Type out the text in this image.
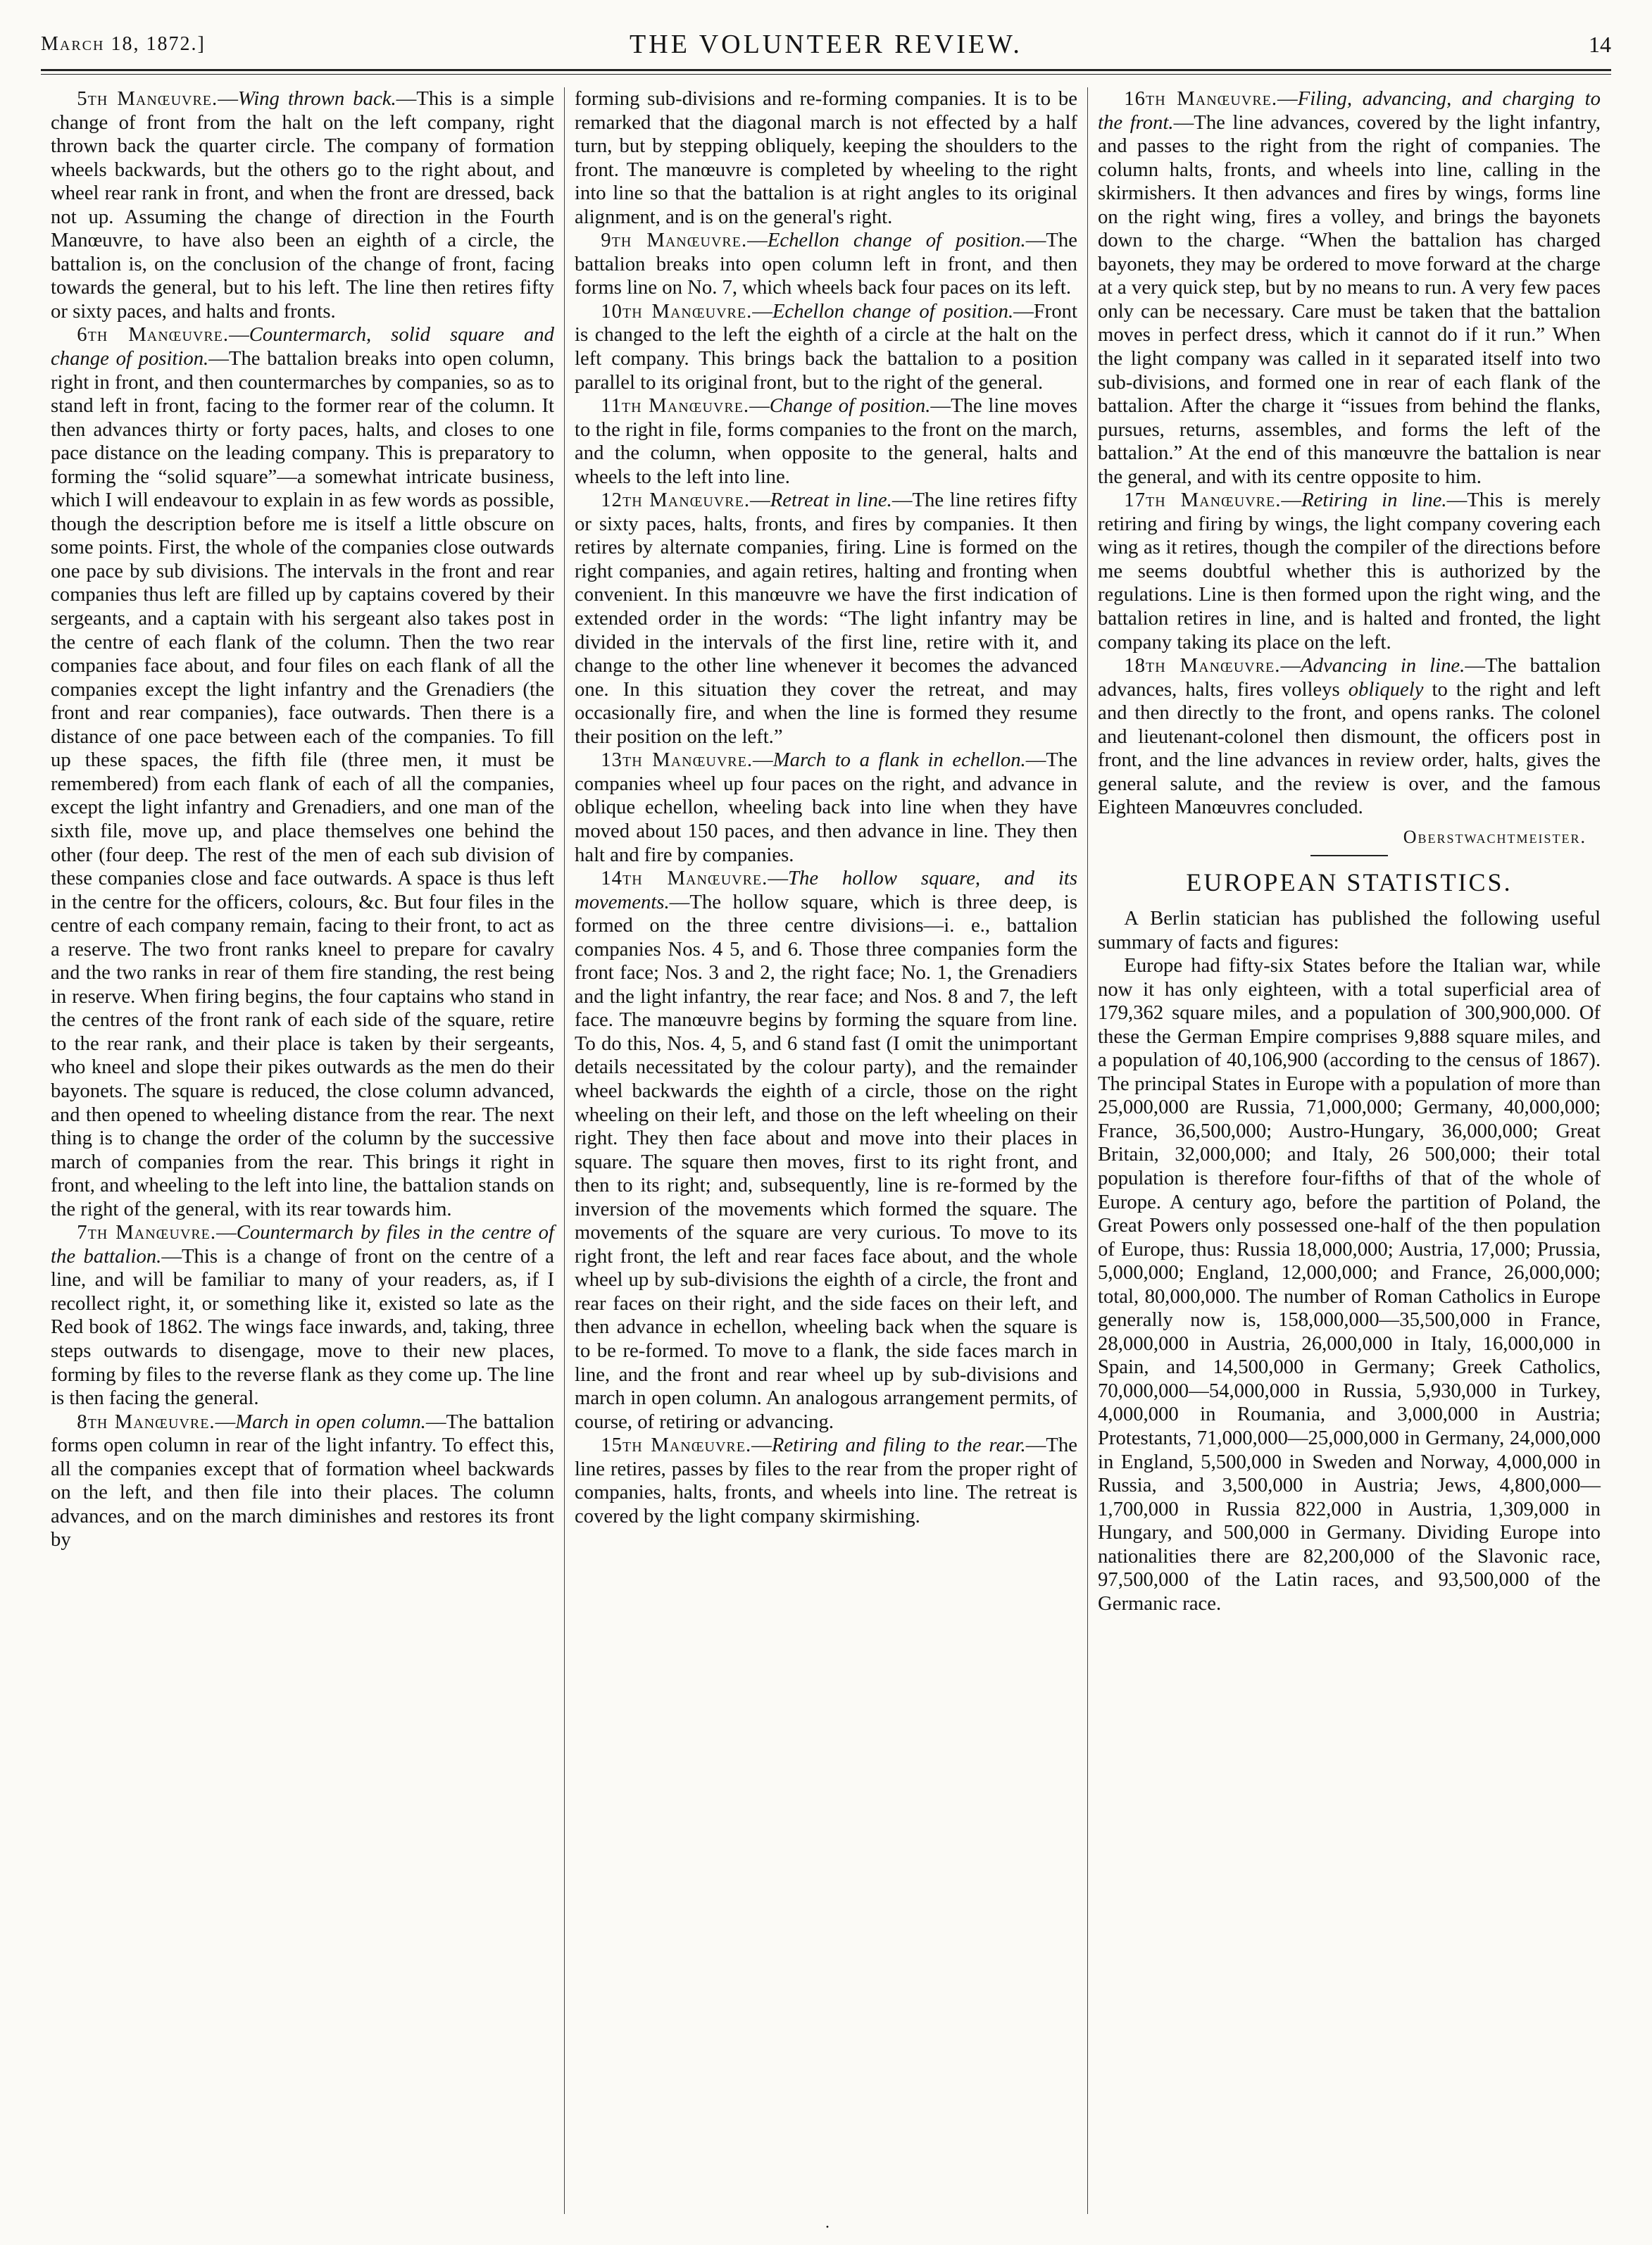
March 18, 1872.]	THE VOLUNTEER REVIEW.	14

5th Manœuvre.—Wing thrown back.—This is a simple change of front from the halt on the left company, right thrown back the quarter circle. The company of formation wheels backwards, but the others go to the right about, and wheel rear rank in front, and when the front are dressed, back not up. Assuming the change of direction in the Fourth Manœuvre, to have also been an eighth of a circle, the battalion is, on the conclusion of the change of front, facing towards the general, but to his left. The line then retires fifty or sixty paces, and halts and fronts.

6th Manœuvre.—Countermarch, solid square and change of position.—The battalion breaks into open column, right in front, and then countermarches by companies, so as to stand left in front, facing to the former rear of the column. It then advances thirty or forty paces, halts, and closes to one pace distance on the leading company. This is preparatory to forming the “solid square”—a somewhat intricate business, which I will endeavour to explain in as few words as possible, though the description before me is itself a little obscure on some points. First, the whole of the companies close outwards one pace by sub divisions. The intervals in the front and rear companies thus left are filled up by captains covered by their sergeants, and a captain with his sergeant also takes post in the centre of each flank of the column. Then the two rear companies face about, and four files on each flank of all the companies except the light infantry and the Grenadiers (the front and rear companies), face outwards. Then there is a distance of one pace between each of the companies. To fill up these spaces, the fifth file (three men, it must be remembered) from each flank of each of all the companies, except the light infantry and Grenadiers, and one man of the sixth file, move up, and place themselves one behind the other (four deep. The rest of the men of each sub division of these companies close and face outwards. A space is thus left in the centre for the officers, colours, &c. But four files in the centre of each company remain, facing to their front, to act as a reserve. The two front ranks kneel to prepare for cavalry and the two ranks in rear of them fire standing, the rest being in reserve. When firing begins, the four captains who stand in the centres of the front rank of each side of the square, retire to the rear rank, and their place is taken by their sergeants, who kneel and slope their pikes outwards as the men do their bayonets. The square is reduced, the close column advanced, and then opened to wheeling distance from the rear. The next thing is to change the order of the column by the successive march of companies from the rear. This brings it right in front, and wheeling to the left into line, the battalion stands on the right of the general, with its rear towards him.

7th Manœuvre.—Countermarch by files in the centre of the battalion.—This is a change of front on the centre of a line, and will be familiar to many of your readers, as, if I recollect right, it, or something like it, existed so late as the Red book of 1862. The wings face inwards, and, taking, three steps outwards to disengage, move to their new places, forming by files to the reverse flank as they come up. The line is then facing the general.

8th Manœuvre.—March in open column.—The battalion forms open column in rear of the light infantry. To effect this, all the companies except that of formation wheel backwards on the left, and then file into their places. The column advances, and on the march diminishes and restores its front by

forming sub-divisions and re-forming companies. It is to be remarked that the diagonal march is not effected by a half turn, but by stepping obliquely, keeping the shoulders to the front. The manœuvre is completed by wheeling to the right into line so that the battalion is at right angles to its original alignment, and is on the general's right.

9th Manœuvre.—Echellon change of position.—The battalion breaks into open column left in front, and then forms line on No. 7, which wheels back four paces on its left.

10th Manœuvre.—Echellon change of position.—Front is changed to the left the eighth of a circle at the halt on the left company. This brings back the battalion to a position parallel to its original front, but to the right of the general.

11th Manœuvre.—Change of position.—The line moves to the right in file, forms companies to the front on the march, and the column, when opposite to the general, halts and wheels to the left into line.

12th Manœuvre.—Retreat in line.—The line retires fifty or sixty paces, halts, fronts, and fires by companies. It then retires by alternate companies, firing. Line is formed on the right companies, and again retires, halting and fronting when convenient. In this manœuvre we have the first indication of extended order in the words: “The light infantry may be divided in the intervals of the first line, retire with it, and change to the other line whenever it becomes the advanced one. In this situation they cover the retreat, and may occasionally fire, and when the line is formed they resume their position on the left.”

13th Manœuvre.—March to a flank in echellon.—The companies wheel up four paces on the right, and advance in oblique echellon, wheeling back into line when they have moved about 150 paces, and then advance in line. They then halt and fire by companies.

14th Manœuvre.—The hollow square, and its movements.—The hollow square, which is three deep, is formed on the three centre divisions—i. e., battalion companies Nos. 4 5, and 6. Those three companies form the front face; Nos. 3 and 2, the right face; No. 1, the Grenadiers and the light infantry, the rear face; and Nos. 8 and 7, the left face. The manœuvre begins by forming the square from line. To do this, Nos. 4, 5, and 6 stand fast (I omit the unimportant details necessitated by the colour party), and the remainder wheel backwards the eighth of a circle, those on the right wheeling on their left, and those on the left wheeling on their right. They then face about and move into their places in square. The square then moves, first to its right front, and then to its right; and, subsequently, line is re-formed by the inversion of the movements which formed the square. The movements of the square are very curious. To move to its right front, the left and rear faces face about, and the whole wheel up by sub-divisions the eighth of a circle, the front and rear faces on their right, and the side faces on their left, and then advance in echellon, wheeling back when the square is to be re-formed. To move to a flank, the side faces march in line, and the front and rear wheel up by sub-divisions and march in open column. An analogous arrangement permits, of course, of retiring or advancing.

15th Manœuvre.—Retiring and filing to the rear.—The line retires, passes by files to the rear from the proper right of companies, halts, fronts, and wheels into line. The retreat is covered by the light company skirmishing.

16th Manœuvre.—Filing, advancing, and charging to the front.—The line advances, covered by the light infantry, and passes to the right from the right of companies. The column halts, fronts, and wheels into line, calling in the skirmishers. It then advances and fires by wings, forms line on the right wing, fires a volley, and brings the bayonets down to the charge. “When the battalion has charged bayonets, they may be ordered to move forward at the charge at a very quick step, but by no means to run. A very few paces only can be necessary. Care must be taken that the battalion moves in perfect dress, which it cannot do if it run.” When the light company was called in it separated itself into two sub-divisions, and formed one in rear of each flank of the battalion. After the charge it “issues from behind the flanks, pursues, returns, assembles, and forms the left of the battalion.” At the end of this manœuvre the battalion is near the general, and with its centre opposite to him.

17th Manœuvre.—Retiring in line.—This is merely retiring and firing by wings, the light company covering each wing as it retires, though the compiler of the directions before me seems doubtful whether this is authorized by the regulations. Line is then formed upon the right wing, and the battalion retires in line, and is halted and fronted, the light company taking its place on the left.

18th Manœuvre.—Advancing in line.—The battalion advances, halts, fires volleys obliquely to the right and left and then directly to the front, and opens ranks. The colonel and lieutenant-colonel then dismount, the officers post in front, and the line advances in review order, halts, gives the general salute, and the review is over, and the famous Eighteen Manœuvres concluded.

Oberstwachtmeister.
EUROPEAN STATISTICS.

A Berlin statician has published the following useful summary of facts and figures:

Europe had fifty-six States before the Italian war, while now it has only eighteen, with a total superficial area of 179,362 square miles, and a population of 300,900,000. Of these the German Empire comprises 9,888 square miles, and a population of 40,106,900 (according to the census of 1867). The principal States in Europe with a population of more than 25,000,000 are Russia, 71,000,000; Germany, 40,000,000; France, 36,500,000; Austro-Hungary, 36,000,000; Great Britain, 32,000,000; and Italy, 26 500,000; their total population is therefore four-fifths of that of the whole of Europe. A century ago, before the partition of Poland, the Great Powers only possessed one-half of the then population of Europe, thus: Russia 18,000,000; Austria, 17,000; Prussia, 5,000,000; England, 12,000,000; and France, 26,000,000; total, 80,000,000. The number of Roman Catholics in Europe generally now is, 158,000,000—35,500,000 in France, 28,000,000 in Austria, 26,000,000 in Italy, 16,000,000 in Spain, and 14,500,000 in Germany; Greek Catholics, 70,000,000—54,000,000 in Russia, 5,930,000 in Turkey, 4,000,000 in Roumania, and 3,000,000 in Austria; Protestants, 71,000,000—25,000,000 in Germany, 24,000,000 in England, 5,500,000 in Sweden and Norway, 4,000,000 in Russia, and 3,500,000 in Austria; Jews, 4,800,000—1,700,000 in Russia 822,000 in Austria, 1,309,000 in Hungary, and 500,000 in Germany. Dividing Europe into nationalities there are 82,200,000 of the Slavonic race, 97,500,000 of the Latin races, and 93,500,000 of the Germanic race.

·
